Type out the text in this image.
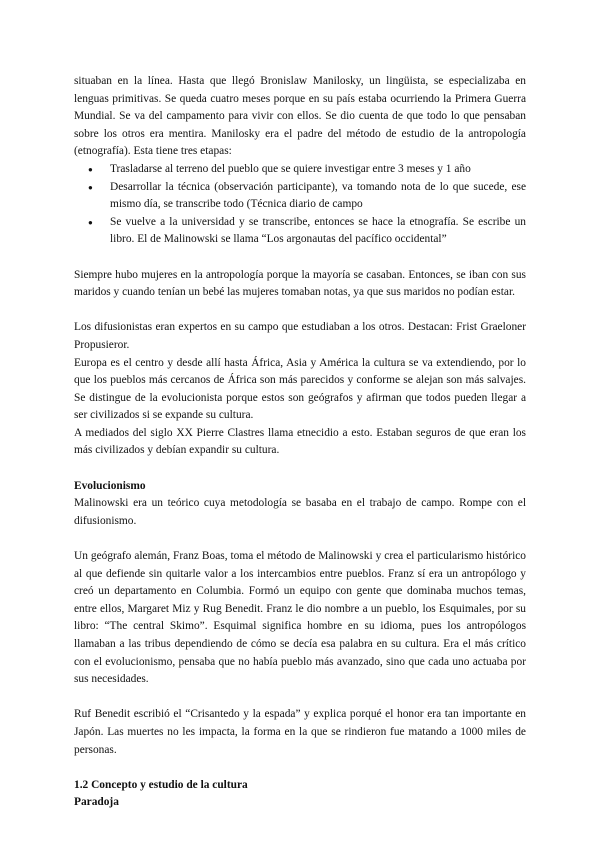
situaban en la línea. Hasta que llegó Bronislaw Manilosky, un lingüista, se especializaba en lenguas primitivas. Se queda cuatro meses porque en su país estaba ocurriendo la Primera Guerra Mundial. Se va del campamento para vivir con ellos. Se dio cuenta de que todo lo que pensaban sobre los otros era mentira. Manilosky era el padre del método de estudio de la antropología (etnografía). Esta tiene tres etapas:

● Trasladarse al terreno del pueblo que se quiere investigar entre 3 meses y 1 año
● Desarrollar la técnica (observación participante), va tomando nota de lo que sucede, ese mismo día, se transcribe todo (Técnica diario de campo
● Se vuelve a la universidad y se transcribe, entonces se hace la etnografía. Se escribe un libro. El de Malinowski se llama “Los argonautas del pacífico occidental”

Siempre hubo mujeres en la antropología porque la mayoría se casaban. Entonces, se iban con sus maridos y cuando tenían un bebé las mujeres tomaban notas, ya que sus maridos no podían estar.

Los difusionistas eran expertos en su campo que estudiaban a los otros. Destacan: Frist Graeloner Propusieror.

Europa es el centro y desde allí hasta África, Asia y América la cultura se va extendiendo, por lo que los pueblos más cercanos de África son más parecidos y conforme se alejan son más salvajes. Se distingue de la evolucionista porque estos son geógrafos y afirman que todos pueden llegar a ser civilizados si se expande su cultura.

A mediados del siglo XX Pierre Clastres llama etnecidio a esto. Estaban seguros de que eran los más civilizados y debían expandir su cultura.

Evolucionismo

Malinowski era un teórico cuya metodología se basaba en el trabajo de campo. Rompe con el difusionismo.

Un geógrafo alemán, Franz Boas, toma el método de Malinowski y crea el particularismo histórico al que defiende sin quitarle valor a los intercambios entre pueblos. Franz sí era un antropólogo y creó un departamento en Columbia. Formó un equipo con gente que dominaba muchos temas, entre ellos, Margaret Miz y Rug Benedit. Franz le dio nombre a un pueblo, los Esquimales, por su libro: “The central Skimo”. Esquimal significa hombre en su idioma, pues los antropólogos llamaban a las tribus dependiendo de cómo se decía esa palabra en su cultura. Era el más crítico con el evolucionismo, pensaba que no había pueblo más avanzado, sino que cada uno actuaba por sus necesidades.

Ruf Benedit escribió el “Crisantedo y la espada” y explica porqué el honor era tan importante en Japón. Las muertes no les impacta, la forma en la que se rindieron fue matando a 1000 miles de personas.

1.2 Concepto y estudio de la cultura

Paradoja
